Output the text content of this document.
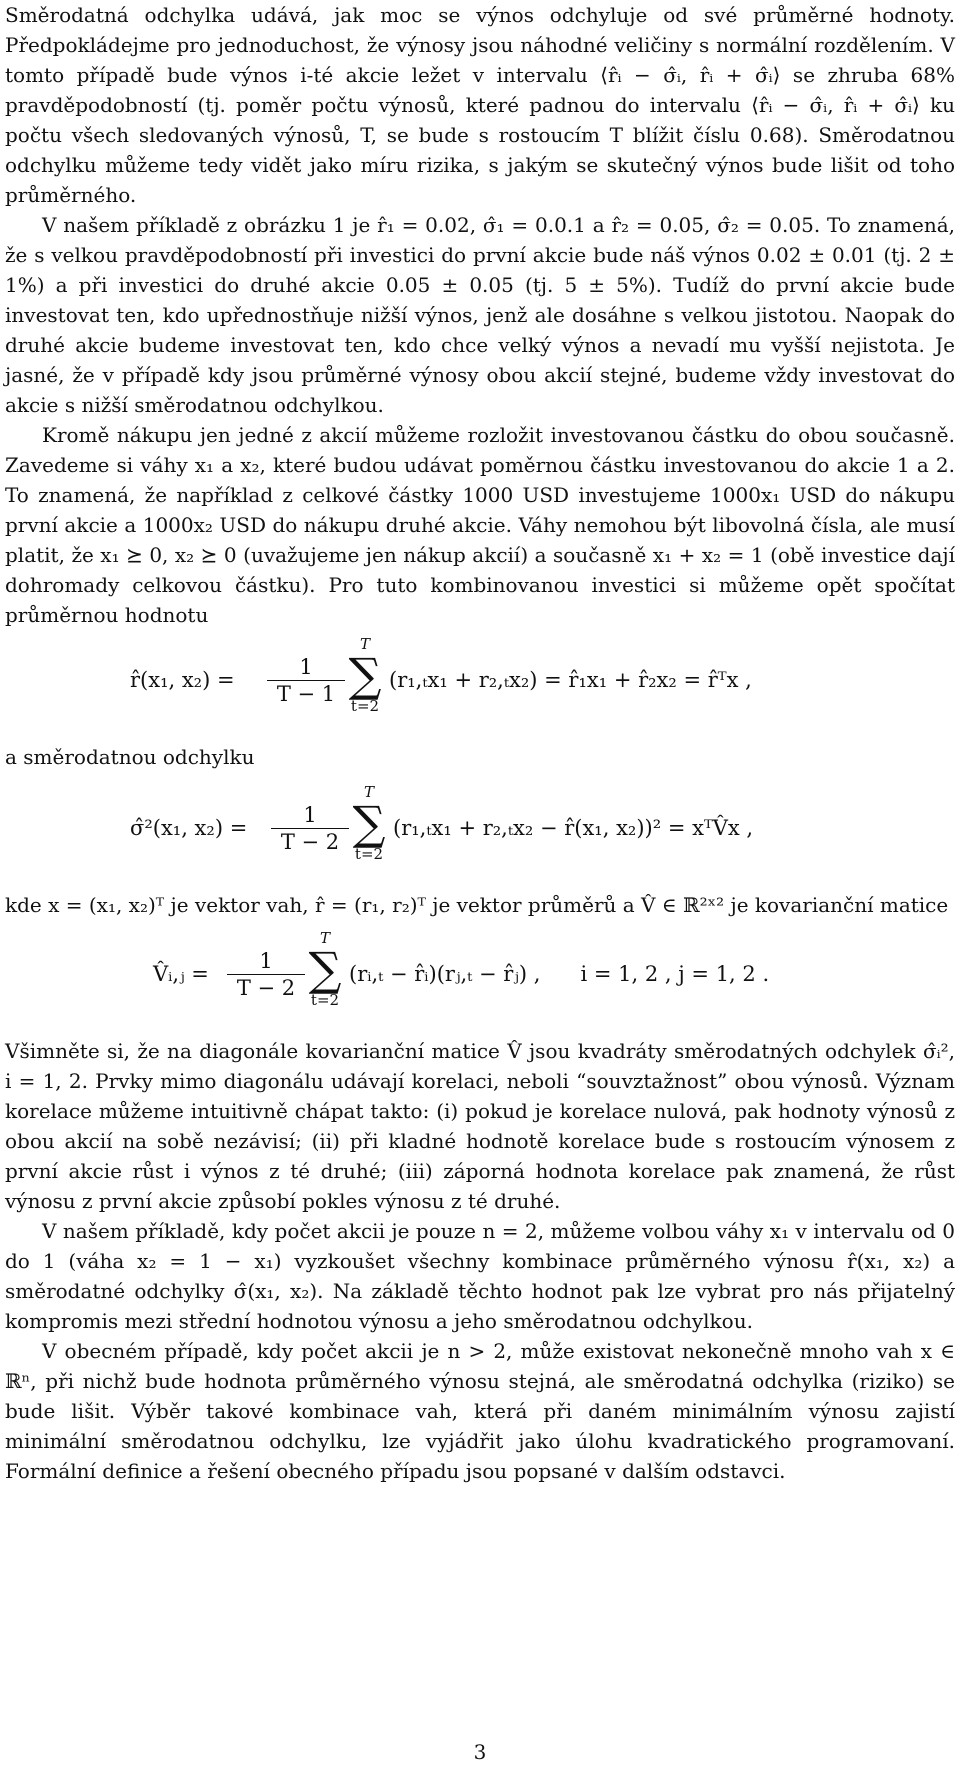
Směrodatná odchylka udává, jak moc se výnos odchyluje od své průměrné hodnoty. Předpokládejme pro jednoduchost, že výnosy jsou náhodné veličiny s normální rozdělením. V tomto případě bude výnos i-té akcie ležet v intervalu ⟨r̂ᵢ − σ̂ᵢ, r̂ᵢ + σ̂ᵢ⟩ se zhruba 68% pravděpodobností (tj. poměr počtu výnosů, které padnou do intervalu ⟨r̂ᵢ − σ̂ᵢ, r̂ᵢ + σ̂ᵢ⟩ ku počtu všech sledovaných výnosů, T, se bude s rostoucím T blížit číslu 0.68). Směrodatnou odchylku můžeme tedy vidět jako míru rizika, s jakým se skutečný výnos bude lišit od toho průměrného.

V našem příkladě z obrázku 1 je r̂₁ = 0.02, σ̂₁ = 0.0.1 a r̂₂ = 0.05, σ̂₂ = 0.05. To znamená, že s velkou pravděpodobností při investici do první akcie bude náš výnos 0.02 ± 0.01 (tj. 2 ± 1%) a při investici do druhé akcie 0.05 ± 0.05 (tj. 5 ± 5%). Tudíž do první akcie bude investovat ten, kdo upřednostňuje nižší výnos, jenž ale dosáhne s velkou jistotou. Naopak do druhé akcie budeme investovat ten, kdo chce velký výnos a nevadí mu vyšší nejistota. Je jasné, že v případě kdy jsou průměrné výnosy obou akcií stejné, budeme vždy investovat do akcie s nižší směrodatnou odchylkou.

Kromě nákupu jen jedné z akcií můžeme rozložit investovanou částku do obou současně. Zavedeme si váhy x₁ a x₂, které budou udávat poměrnou částku investovanou do akcie 1 a 2. To znamená, že například z celkové částky 1000 USD investujeme 1000x₁ USD do nákupu první akcie a 1000x₂ USD do nákupu druhé akcie. Váhy nemohou být libovolná čísla, ale musí platit, že x₁ ⪰ 0, x₂ ⪰ 0 (uvažujeme jen nákup akcií) a současně x₁ + x₂ = 1 (obě investice dají dohromady celkovou částku). Pro tuto kombinovanou investici si můžeme opět spočítat průměrnou hodnotu

r̂(x₁, x₂) =
1
T − 1
T
∑
t=2
(r₁,ₜx₁ + r₂,ₜx₂) = r̂₁x₁ + r̂₂x₂ = r̂ᵀx ,

a směrodatnou odchylku

σ̂²(x₁, x₂) =
1
T − 2
T
∑
t=2
(r₁,ₜx₁ + r₂,ₜx₂ − r̂(x₁, x₂))² = xᵀV̂x ,

kde x = (x₁, x₂)ᵀ je vektor vah, r̂ = (r₁, r₂)ᵀ je vektor průměrů a V̂ ∈ ℝ²ˣ² je kovarianční matice

V̂ᵢ,ⱼ =
1
T − 2
T
∑
t=2
(rᵢ,ₜ − r̂ᵢ)(rⱼ,ₜ − r̂ⱼ) ,      i = 1, 2 , j = 1, 2 .

Všimněte si, že na diagonále kovarianční matice V̂ jsou kvadráty směrodatných odchylek σ̂ᵢ², i = 1, 2. Prvky mimo diagonálu udávají korelaci, neboli “souvztažnost” obou výnosů. Význam korelace můžeme intuitivně chápat takto: (i) pokud je korelace nulová, pak hodnoty výnosů z obou akcií na sobě nezávisí; (ii) při kladné hodnotě korelace bude s rostoucím výnosem z první akcie růst i výnos z té druhé; (iii) záporná hodnota korelace pak znamená, že růst výnosu z první akcie způsobí pokles výnosu z té druhé.

V našem příkladě, kdy počet akcii je pouze n = 2, můžeme volbou váhy x₁ v intervalu od 0 do 1 (váha x₂ = 1 − x₁) vyzkoušet všechny kombinace průměrného výnosu r̂(x₁, x₂) a směrodatné odchylky σ̂(x₁, x₂). Na základě těchto hodnot pak lze vybrat pro nás přijatelný kompromis mezi střední hodnotou výnosu a jeho směrodatnou odchylkou.

V obecném případě, kdy počet akcii je n > 2, může existovat nekonečně mnoho vah x ∈ ℝⁿ, při nichž bude hodnota průměrného výnosu stejná, ale směrodatná odchylka (riziko) se bude lišit. Výběr takové kombinace vah, která při daném minimálním výnosu zajistí minimální směrodatnou odchylku, lze vyjádřit jako úlohu kvadratického programovaní. Formální definice a řešení obecného případu jsou popsané v dalším odstavci.

3
